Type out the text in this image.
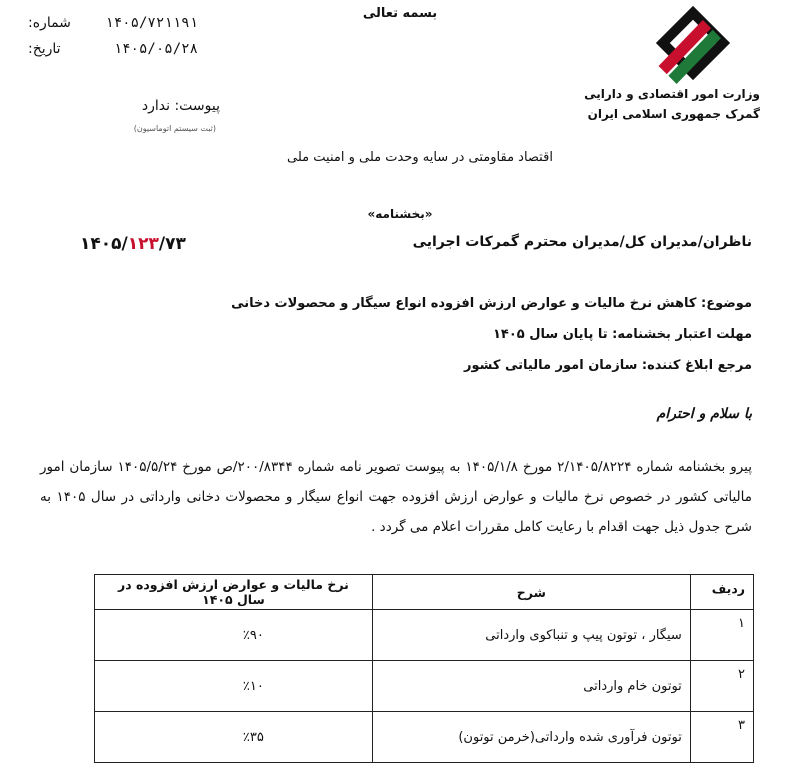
بسمه تعالی
شماره: ۱۴۰۵/۷۲۱۱۹۱
تاریخ:	۱۴۰۵/۰۵/۲۸
پیوست: ندارد
(ثبت سیستم اتوماسیون)
وزارت امور اقتصادی و دارایی
گمرک جمهوری اسلامی ایران
اقتصاد مقاومتی در سایه وحدت ملی و امنیت ملی
«بخشنامه»
۱۴۰۵/۱۲۳/۷۳	ناظران/مدیران کل/مدیران محترم گمرکات اجرایی
موضوع: کاهش نرخ مالیات و عوارض ارزش افزوده انواع سیگار و محصولات دخانی
مهلت اعتبار بخشنامه: تا پایان سال ۱۴۰۵
مرجع ابلاغ کننده: سازمان امور مالیاتی کشور
با سلام و احترام
پیرو بخشنامه شماره ۲/۱۴۰۵/۸۲۲۴ مورخ ۱۴۰۵/۱/۸ به پیوست تصویر نامه شماره ۲۰۰/۸۳۴۴/ص مورخ ۱۴۰۵/۵/۲۴ سازمان امور مالیاتی کشور در خصوص نرخ مالیات و عوارض ارزش افزوده جهت انواع سیگار و محصولات دخانی وارداتی در سال ۱۴۰۵ به شرح جدول ذیل جهت اقدام با رعایت کامل مقررات اعلام می گردد .
ردیف	شرح	نرخ مالیات و عوارض ارزش افزوده در سال ۱۴۰۵
۱	سیگار ، توتون پیپ و تنباکوی وارداتی	٪۹۰
۲	توتون خام وارداتی	٪۱۰
۳	توتون فرآوری شده وارداتی(خرمن توتون)	٪۳۵
